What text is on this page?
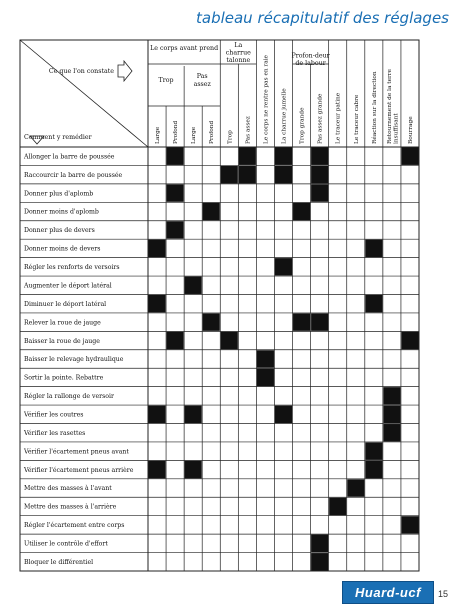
tableau récapitulatif des réglages
Ce que l'on constate
Comment y remédier
Le corps avant prend	La charrue talonne
Profon-deur de labour
Trop
Pas assez
Large Profond Large Profond Trop Pas assez Le corps ne rentre pas en raie La charrue jumelle Trop grande Pas assez grande Le traceur patine Le traceur cabre Réaction sur la direction Retournement de la terreinsuffisant Bourrage
Allonger la barre de poussée
Raccourcir la barre de poussée
Donner plus d'aplomb
Donner moins d'aplomb
Donner plus de devers
Donner moins de devers
Régler les renforts de versoirs
Augmenter le déport latéral
Diminuer le déport latéral
Relever la roue de jauge
Baisser la roue de jauge
Baisser le relevage hydraulique
Sortir la pointe. Rebattre
Régler la rallonge de versoir
Vérifier les coutres
Vérifier les rasettes
Vérifier l'écartement pneus avant
Vérifier l'écartement pneus arrière
Mettre des masses à l'avant
Mettre des masses à l'arrière
Régler l'écartement entre corps
Utiliser le contrôle d'effort
Bloquer le différentiel
Huard-ucf	15
